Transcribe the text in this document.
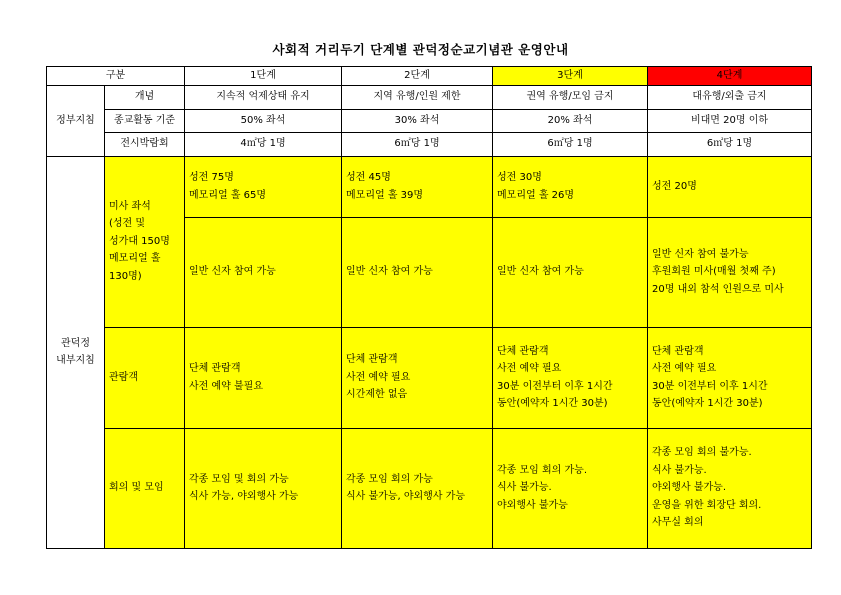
사회적 거리두기 단계별 관덕정순교기념관 운영안내
구분		1단계	2단계	3단계	4단계
정부지침	개념	지속적 억제상태 유지	지역 유행/인원 제한	권역 유행/모임 금지	대유행/외출 금지
	종교활동 기준	50% 좌석	30% 좌석	20% 좌석	비대면 20명 이하
	전시박람회	4㎡당 1명	6㎡당 1명	6㎡당 1명	6㎡당 1명

관덕정
내부지침	미사 좌석
(성전 및
성가대 150명
메모리얼 홀
130명)	성전 75명
메모리얼 홀 65명	성전 45명
메모리얼 홀 39명	성전 30명
메모리얼 홀 26명	성전 20명

		일반 신자 참여 가능	일반 신자 참여 가능	일반 신자 참여 가능	일반 신자 참여 불가능
후원회원 미사(매월 첫째 주)
20명 내외 참석 인원으로 미사

	관람객	단체 관람객
사전 예약 불필요	단체 관람객
사전 예약 필요
시간제한 없음	단체 관람객
사전 예약 필요
30분 이전부터 이후 1시간
동안(예약자 1시간 30분)	단체 관람객
사전 예약 필요
30분 이전부터 이후 1시간
동안(예약자 1시간 30분)

	회의 및 모임	각종 모임 및 회의 가능
식사 가능, 야외행사 가능	각종 모임 회의 가능
식사 불가능, 야외행사 가능	각종 모임 회의 가능.
식사 불가능.
야외행사 불가능	각종 모임 회의 불가능.
식사 불가능.
야외행사 불가능.
운영을 위한 회장단 회의.
사무실 회의
